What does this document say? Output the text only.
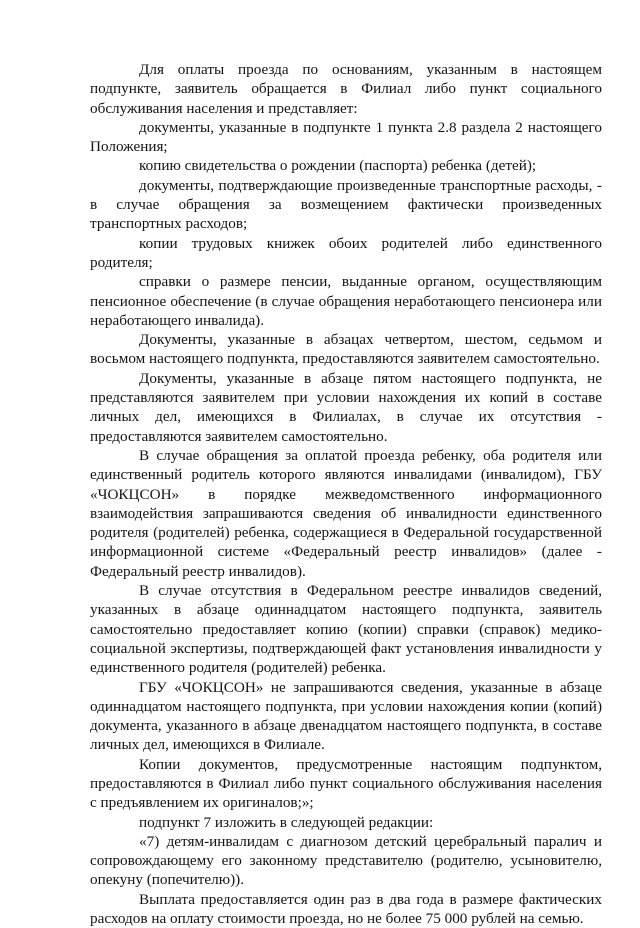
Для оплаты проезда по основаниям, указанным в настоящем подпункте, заявитель обращается в Филиал либо пункт социального обслуживания населения и представляет:

документы, указанные в подпункте 1 пункта 2.8 раздела 2 настоящего Положения;

копию свидетельства о рождении (паспорта) ребенка (детей);

документы, подтверждающие произведенные транспортные расходы, - в случае обращения за возмещением фактически произведенных транспортных расходов;

копии трудовых книжек обоих родителей либо единственного родителя;

справки о размере пенсии, выданные органом, осуществляющим пенсионное обеспечение (в случае обращения неработающего пенсионера или неработающего инвалида).

Документы, указанные в абзацах четвертом, шестом, седьмом и восьмом настоящего подпункта, предоставляются заявителем самостоятельно.

Документы, указанные в абзаце пятом настоящего подпункта, не представляются заявителем при условии нахождения их копий в составе личных дел, имеющихся в Филиалах, в случае их отсутствия - предоставляются заявителем самостоятельно.

В случае обращения за оплатой проезда ребенку, оба родителя или единственный родитель которого являются инвалидами (инвалидом), ГБУ «ЧОКЦСОН» в порядке межведомственного информационного взаимодействия запрашиваются сведения об инвалидности единственного родителя (родителей) ребенка, содержащиеся в Федеральной государственной информационной системе «Федеральный реестр инвалидов» (далее - Федеральный реестр инвалидов).

В случае отсутствия в Федеральном реестре инвалидов сведений, указанных в абзаце одиннадцатом настоящего подпункта, заявитель самостоятельно предоставляет копию (копии) справки (справок) медико-социальной экспертизы, подтверждающей факт установления инвалидности у единственного родителя (родителей) ребенка.

ГБУ «ЧОКЦСОН» не запрашиваются сведения, указанные в абзаце одиннадцатом настоящего подпункта, при условии нахождения копии (копий) документа, указанного в абзаце двенадцатом настоящего подпункта, в составе личных дел, имеющихся в Филиале.

Копии документов, предусмотренные настоящим подпунктом, предоставляются в Филиал либо пункт социального обслуживания населения с предъявлением их оригиналов;»;

подпункт 7 изложить в следующей редакции:

«7) детям-инвалидам с диагнозом детский церебральный паралич и сопровождающему его законному представителю (родителю, усыновителю, опекуну (попечителю)).

Выплата предоставляется один раз в два года в размере фактических расходов на оплату стоимости проезда, но не более 75 000 рублей на семью.
